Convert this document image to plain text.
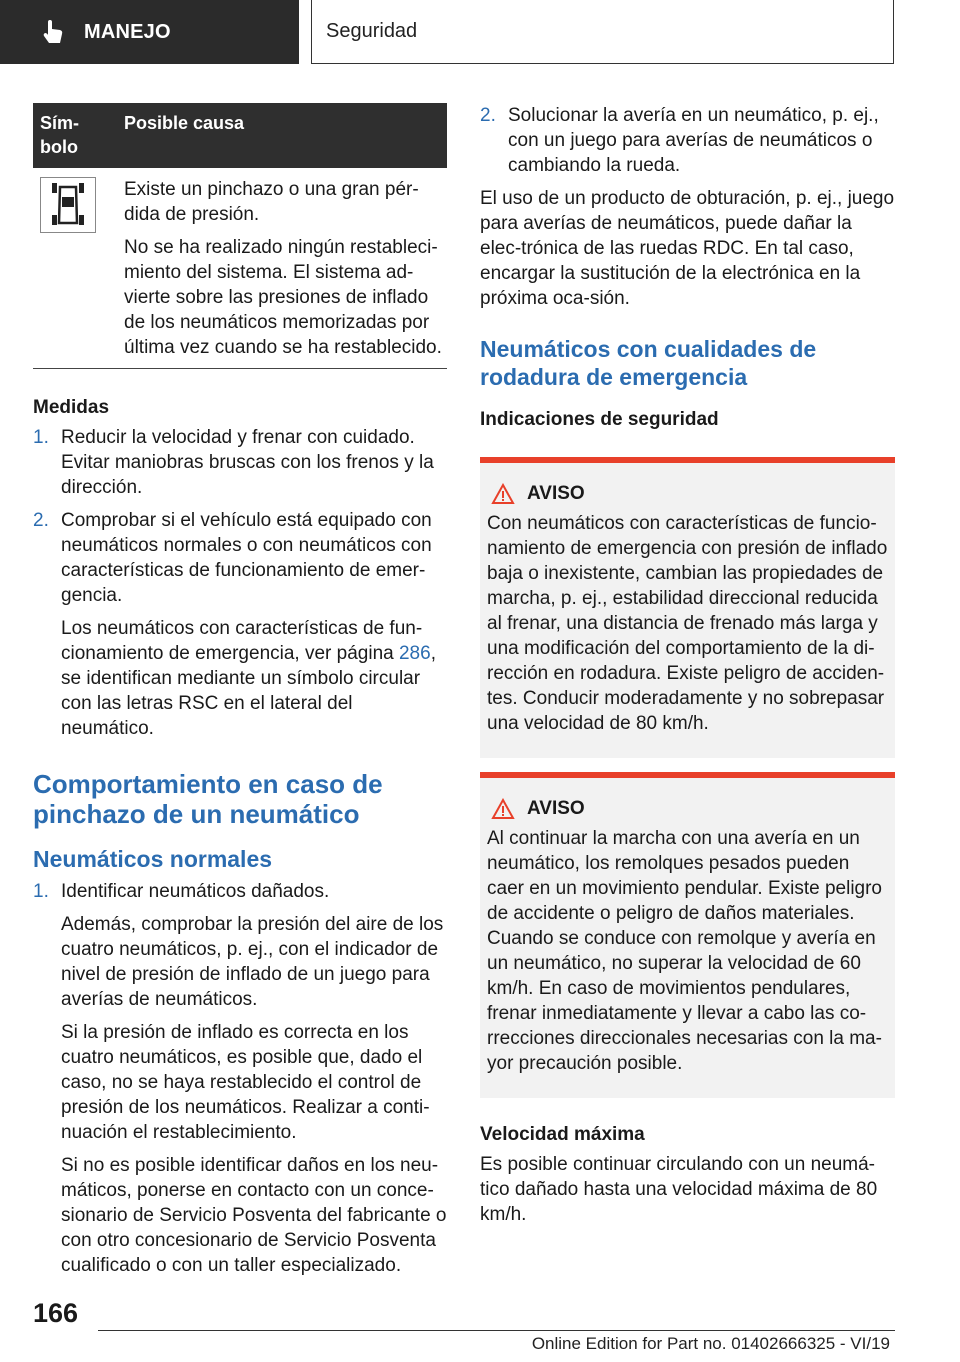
MANEJO	Seguridad
Sím-
bolo
Posible causa

Existe un pinchazo o una gran pér-dida de presión.

No se ha realizado ningún restableci-miento del sistema. El sistema ad-vierte sobre las presiones de inflado de los neumáticos memorizadas por última vez cuando se ha restablecido.

Medidas
1. Reducir la velocidad y frenar con cuidado. Evitar maniobras bruscas con los frenos y la dirección.

2. Comprobar si el vehículo está equipado con neumáticos normales o con neumáticos con características de funcionamiento de emer-gencia.

Los neumáticos con características de fun-cionamiento de emergencia, ver página 286, se identifican mediante un símbolo circular con las letras RSC en el lateral del neumático.

Comportamiento en caso de pinchazo de un neumático
Neumáticos normales
1. Identificar neumáticos dañados.

Además, comprobar la presión del aire de los cuatro neumáticos, p. ej., con el indicador de nivel de presión de inflado de un juego para averías de neumáticos.

Si la presión de inflado es correcta en los cuatro neumáticos, es posible que, dado el caso, no se haya restablecido el control de presión de los neumáticos. Realizar a conti-nuación el restablecimiento.

Si no es posible identificar daños en los neu-máticos, ponerse en contacto con un conce-sionario de Servicio Posventa del fabricante o con otro concesionario de Servicio Posventa cualificado o con un taller especializado.

2. Solucionar la avería en un neumático, p. ej., con un juego para averías de neumáticos o cambiando la rueda.

El uso de un producto de obturación, p. ej., juego para averías de neumáticos, puede dañar la elec-trónica de las ruedas RDC. En tal caso, encargar la sustitución de la electrónica en la próxima oca-sión.

Neumáticos con cualidades de rodadura de emergencia
Indicaciones de seguridad
AVISO

Con neumáticos con características de funcio-namiento de emergencia con presión de inflado baja o inexistente, cambian las propiedades de marcha, p. ej., estabilidad direccional reducida al frenar, una distancia de frenado más larga y una modificación del comportamiento de la di-rección en rodadura. Existe peligro de acciden-tes. Conducir moderadamente y no sobrepasar una velocidad de 80 km/h.

AVISO

Al continuar la marcha con una avería en un neumático, los remolques pesados pueden caer en un movimiento pendular. Existe peligro de accidente o peligro de daños materiales. Cuando se conduce con remolque y avería en un neumático, no superar la velocidad de 60 km/h. En caso de movimientos pendulares, frenar inmediatamente y llevar a cabo las co-rrecciones direccionales necesarias con la ma-yor precaución posible.

Velocidad máxima

Es posible continuar circulando con un neumá-tico dañado hasta una velocidad máxima de 80 km/h.

166
Online Edition for Part no. 01402666325 - VI/19
